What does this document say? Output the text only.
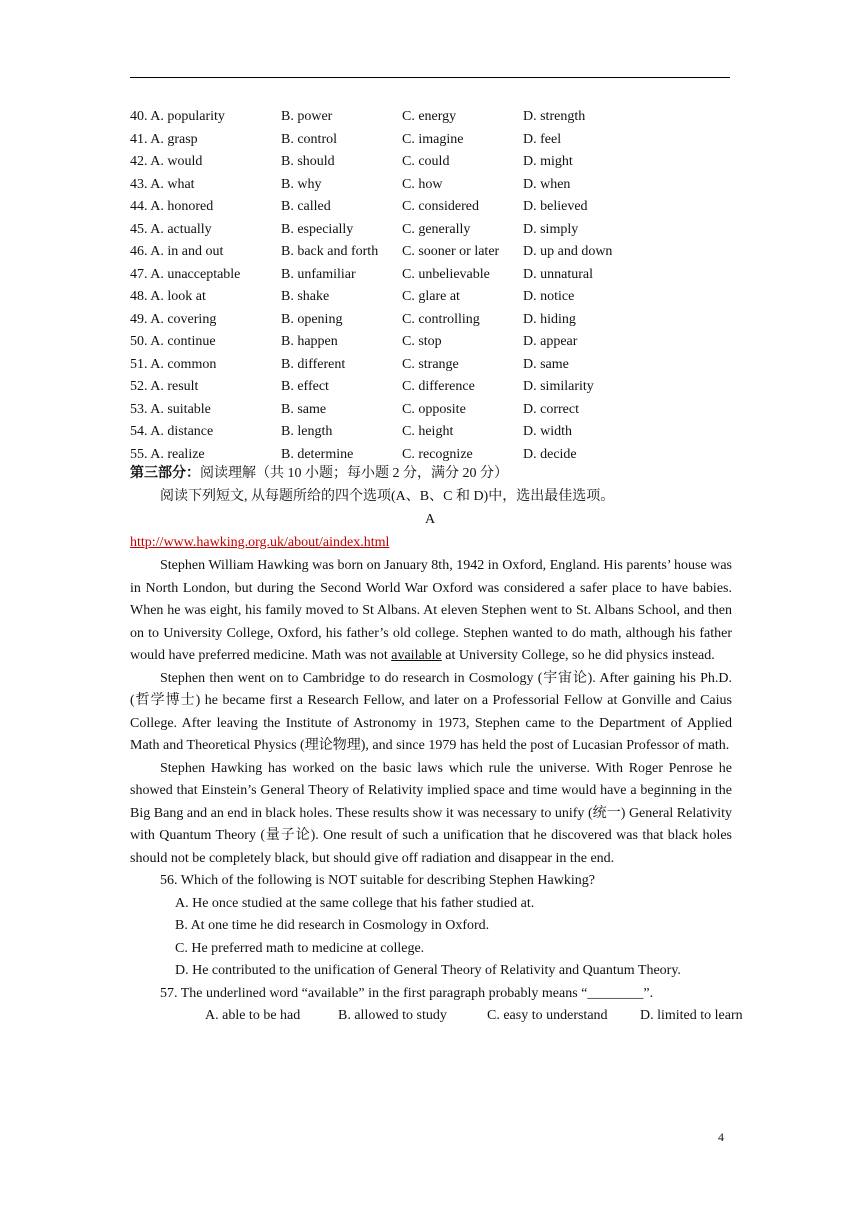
40. A. popularity	B. power	C. energy	D. strength
41. A. grasp	B. control	C. imagine	D. feel
42. A. would	B. should	C. could	D. might
43. A. what	B. why	C. how	D. when
44. A. honored	B. called	C. considered	D. believed
45. A. actually	B. especially	C. generally	D. simply
46. A. in and out	B. back and forth C. sooner or later D. up and down
47. A. unacceptable	B. unfamiliar	C. unbelievable D. unnatural
48. A. look at	B. shake	C. glare at	D. notice
49. A. covering	B. opening	C. controlling	D. hiding
50. A. continue	B. happen	C. stop	D. appear
51. A. common	B. different	C. strange	D. same
52. A. result	B. effect	C. difference	D. similarity
53. A. suitable	B. same	C. opposite	D. correct
54. A. distance	B. length	C. height	D. width
55. A. realize	B. determine	C. recognize	D. decide
第三部分：阅读理解（共 10 小题；每小题 2 分，满分 20 分）
阅读下列短文, 从每题所给的四个选项(A、B、C 和 D)中，选出最佳选项。
A
http://www.hawking.org.uk/about/aindex.html

Stephen William Hawking was born on January 8th, 1942 in Oxford, England. His parents’ house was in North London, but during the Second World War Oxford was considered a safer place to have babies. When he was eight, his family moved to St Albans. At eleven Stephen went to St. Albans School, and then on to University College, Oxford, his father’s old college. Stephen wanted to do math, although his father would have preferred medicine. Math was not available at University College, so he did physics instead.

Stephen then went on to Cambridge to do research in Cosmology (宇宙论). After gaining his Ph.D. (哲学博士) he became first a Research Fellow, and later on a Professorial Fellow at Gonville and Caius College. After leaving the Institute of Astronomy in 1973, Stephen came to the Department of Applied Math and Theoretical Physics (理论物理), and since 1979 has held the post of Lucasian Professor of math.

Stephen Hawking has worked on the basic laws which rule the universe. With Roger Penrose he showed that Einstein’s General Theory of Relativity implied space and time would have a beginning in the Big Bang and an end in black holes. These results show it was necessary to unify (统一) General Relativity with Quantum Theory (量子论). One result of such a unification that he discovered was that black holes should not be completely black, but should give off radiation and disappear in the end.

56. Which of the following is NOT suitable for describing Stephen Hawking?

A. He once studied at the same college that his father studied at.

B. At one time he did research in Cosmology in Oxford.

C. He preferred math to medicine at college.

D. He contributed to the unification of General Theory of Relativity and Quantum Theory.

57. The underlined word “available” in the first paragraph probably means “________”.

A. able to be had	B. allowed to study	C. easy to understand D. limited to learn

4
